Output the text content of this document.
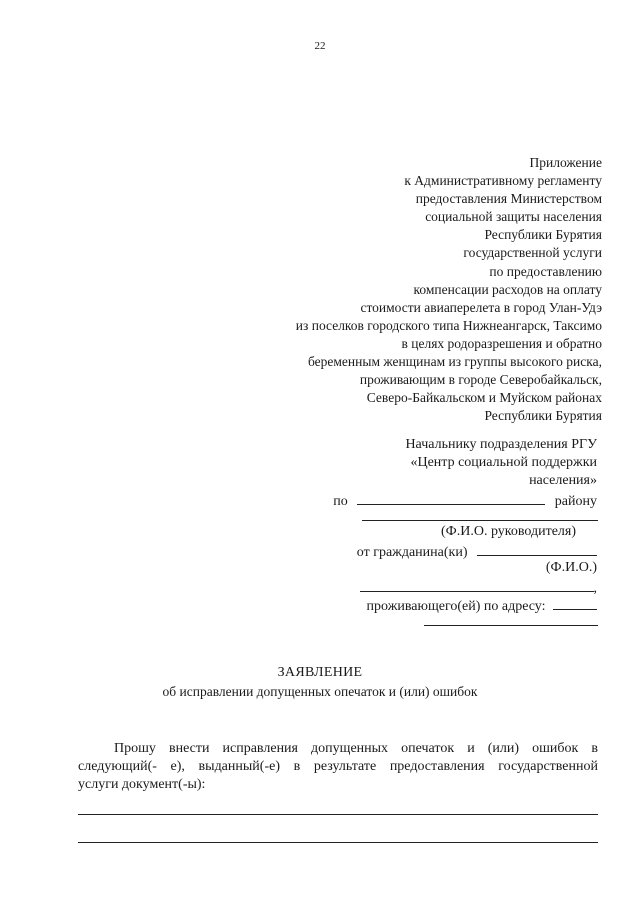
22
Приложение
к Административному регламенту
предоставления Министерством
социальной защиты населения
Республики Бурятия
государственной услуги
по предоставлению
компенсации расходов на оплату
стоимости авиаперелета в город Улан-Удэ
из поселков городского типа Нижнеангарск, Таксимо
в целях родоразрешения и обратно
беременным женщинам из группы высокого риска,
проживающим в городе Северобайкальск,
Северо-Байкальском и Муйском районах
Республики Бурятия
Начальнику подразделения РГУ
«Центр социальной поддержки
населения»
по	району
(Ф.И.О. руководителя)
от гражданина(ки)
(Ф.И.О.)
,
проживающего(ей) по адресу:
ЗАЯВЛЕНИЕ
об исправлении допущенных опечаток и (или) ошибок
Прошу внести исправления допущенных опечаток и (или) ошибок в
следующий(- е), выданный(-е) в результате предоставления государственной
услуги документ(-ы):
